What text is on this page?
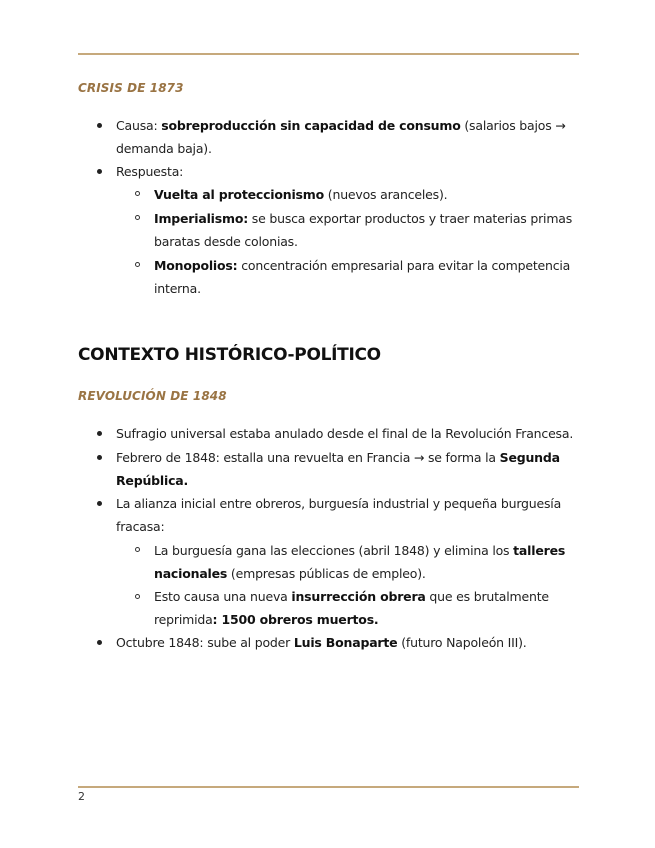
CRISIS DE 1873
Causa: sobreproducción sin capacidad de consumo (salarios bajos →
demanda baja).
Respuesta:
Vuelta al proteccionismo (nuevos aranceles).
Imperialismo: se busca exportar productos y traer materias primas
baratas desde colonias.
Monopolios: concentración empresarial para evitar la competencia
interna.
CONTEXTO HISTÓRICO-POLÍTICO
REVOLUCIÓN DE 1848
Sufragio universal estaba anulado desde el final de la Revolución Francesa.
Febrero de 1848: estalla una revuelta en Francia → se forma la Segunda
República.
La alianza inicial entre obreros, burguesía industrial y pequeña burguesía
fracasa:
La burguesía gana las elecciones (abril 1848) y elimina los talleres
nacionales (empresas públicas de empleo).
Esto causa una nueva insurrección obrera que es brutalmente
reprimida: 1500 obreros muertos.
Octubre 1848: sube al poder Luis Bonaparte (futuro Napoleón III).
2
